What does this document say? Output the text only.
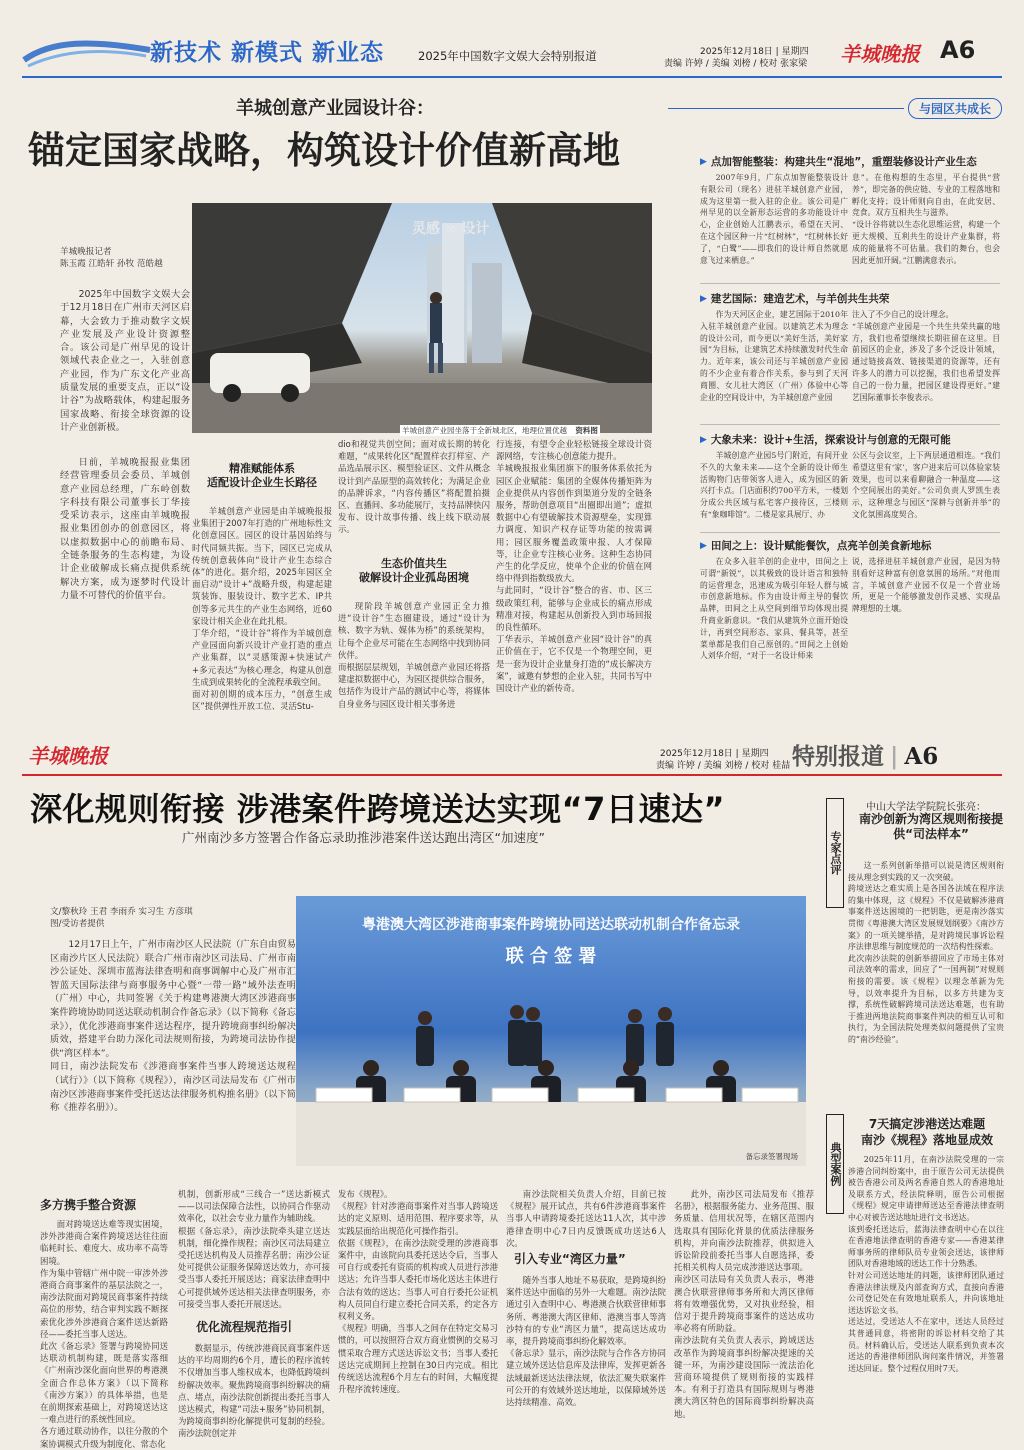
新技术 新模式 新业态	2025年中国数字文娱大会特别报道	2025年12月18日 | 星期四
责编 许婷 / 美编 刘榜 / 校对 张家梁 羊城晚报 A6
羊城创意产业园设计谷：
锚定国家战略，构筑设计价值新高地
羊城晚报记者
陈玉霞 江皓轩 孙牧 范皓越

2025年中国数字文娱大会于12月18日在广州市天河区启幕，大会致力于推动数字文娱产业发展及产业设计资源整合。该公司是广州早见的设计领域代表企业之一，入驻创意产业园，作为广东文化产业高质量发展的重要支点，正以“设计谷”为战略载体，构建起服务国家战略、衔接全球资源的设计产业创新极。

日前，羊城晚报报业集团经营管理委员会委员、羊城创意产业园总经理，广东岭创数字科技有限公司董事长丁华接受采访表示，这座由羊城晚报报业集团创办的创意园区，将以虚拟数据中心的前瞻布局、全链条服务的生态构建，为设计企业破解成长痛点提供系统解决方案，成为逐梦时代设计力量不可替代的价值平台。

灵感 ∞ 设计
羊城创意产业园坐落于全新城北区，地理位置优越 资料图
精准赋能体系
适配设计企业生长路径

羊城创意产业园是由羊城晚报报业集团于2007年打造的广州地标性文化创意园区。园区的设计基因始终与时代同频共振。当下，园区已完成从传统创意载体向“设计产业生态综合体”的进化。据介绍，2025年园区全面启动“设计+”战略升级，构建起建筑装饰、服装设计、数字艺术、IP共创等多元共生的产业生态网络，近60家设计相关企业在此扎根。
丁华介绍，“设计谷”将作为羊城创意产业园面向新兴设计产业打造的重点产业集群，以“灵感策源+快速试产+多元表达”为核心理念，构建从创意生成到成果转化的全流程承载空间。
面对初创期的成本压力，“创意生成区”提供弹性开放工位、灵活Stu-

dio和视觉共创空间；面对成长期的转化难题，“成果转化区”配置样衣打样室、产品选品展示区、模型验证区、文件从概念设计到产品原型的高效转化；为满足企业的品牌诉求，“内容传播区”将配置拍摄区、直播间、多功能展厅，支持品牌快闪发布、设计故事传播、线上线下联动展示。

生态价值共生
破解设计企业孤岛困境

现阶段羊城创意产业园正全力推进“设计谷”生态圈建设，通过“设计为核、数字为轨、媒体为桥”的系统架构，让每个企业尽可能在生态网络中找到协同伙伴。
而根据层层规划，羊城创意产业园还将搭建虚拟数据中心，为园区提供综合服务，包括作为设计产品的测试中心等，将媒体自身业务与园区设计相关事务进

行连接，有望令企业轻松链接全球设计资源网络，专注核心创意能力提升。
羊城晚报报业集团旗下的服务体系依托为园区企业赋能：集团的全媒体传播矩阵为企业提供从内容创作到渠道分发的全链条服务，帮助创意项目“出圈即出道”；虚拟数据中心有望破解技术资源壁垒，实现算力调度、知识产权存证等功能的按需调用；园区服务覆盖政策申报、人才保障等，让企业专注核心业务。这种生态协同产生的化学反应，使单个企业的价值在网络中得到指数级放大。
与此同时，“设计谷”整合的省、市、区三级政策红利，能够与企业成长的痛点形成精准对接，构建起从创新投入到市场回报的良性循环。
丁华表示，羊城创意产业园“设计谷”的真正价值在于，它不仅是一个物理空间，更是一套为设计企业量身打造的“成长解决方案”，诚邀有梦想的企业入驻，共同书写中国设计产业的新传奇。

与园区共成长
▶ 点加智能整装：构建共生“混地”，重塑装修设计产业生态

2007年9月，广东点加智能整装设计有限公司（现名）进驻羊城创意产业园，成为这里第一批入驻的企业。该公司是广州早见的以全新形态运营的多功能设计中心，企业创始人江鹏表示，希望在天河、在这个园区种一片“红树林”，“红树林长好了，“白鹭”——即我们的设计师自然就愿意飞过来栖息。”

息”。在他构想的生态里，平台提供“营养”，即完备的供应链、专业的工程落地和孵化支持；设计师则向自由，在此安居、竞食。双方互相共生与滋养。
“设计谷将就以生态化思维运营，构建一个更大规模、互利共生的设计产业集群，将成的能量将不可估量。我们的舞台，也会因此更加开阔。”江鹏满意表示。

▶ 建艺国际：建造艺术，与羊创共生共荣

作为天河区企业，建艺国际于2010年入驻羊城创意产业园。以建筑艺术为理念的设计公司，而今更以“美好生活，美好家园”为目标，让建筑艺术持续激发时代生命力。近年来，该公司还与羊城创意产业园的不少企业有着合作关系，参与到了天河商圈、女儿社大湾区（广州）体验中心等企业的空间设计中，为羊城创意产业园

注入了不少自己的设计理念。
“羊城创意产业园是一个共生共荣共赢的地方，我们也希望继续长期驻留在这里。目前园区的企业，涉及了多个泛设计领域，通过链接高效、链接渠道的资源等，还有许多人的潜力可以挖掘，我们也希望发挥自己的一份力量，把园区建设得更好。”建艺国际董事长李俊表示。

▶ 大象未来：设计+生活，探索设计与创意的无限可能

羊城创意产业园5号门附近，有间开业不久的大象未来——这个全新的设计师生活购物门店带领客人进入，成为园区的新兴打卡点。门店面积约700平方米，一楼划分成公共区域与私宅客户接待区，三楼则有“象咖啡馆”。二楼是家具展厅、办

公区与会议室，上下两层通道相连。“我们希望这里有‘家’，客户进来后可以体验家装效果，也可以来看聊融合一种温度——这个空间展出的美好。”公司负责人罗凯生表示，这种理念与园区“深耕与创新并举”的文化氛围高度契合。

▶ 田间之上：设计赋能餐饮，点亮羊创美食新地标

在众多入驻羊创的企业中，田间之上可谓“新锐”，以其极致的设计语言和独特的运营理念，迅速成为吸引年轻人群与城市创意新地标。作为由设计师主导的餐饮品牌，田间之上从空间到细节均体现出提升商业新意识。“我们从建筑外立面开始设计，再到空间形态、家具、餐具等，甚至菜单都是我们自己原创的。”田间之上创始人刘华介绍，“对于一名设计师来

说，选择进驻羊城创意产业园，是因为特别看好这种富有创意氛围的场所。”对他而言，羊城创意产业园不仅是一个营业场所，更是一个能够激发创作灵感、实现品牌理想的土壤。

羊城晚报	2025年12月18日 | 星期四
责编 许婷 / 美编 刘榜 / 校对 桂喆 特别报道 | A6
深化规则衔接 涉港案件跨境送达实现“7日速达”
广州南沙多方签署合作备忘录助推涉港案件送达跑出湾区“加速度”
文/黎秋玲 王君 李雨乔 实习生 方彦琪
图/受访者提供

12月17日上午，广州市南沙区人民法院（广东自由贸易区南沙片区人民法院）联合广州市南沙区司法局、广州市南沙公证处、深圳市蓝海法律查明和商事调解中心及广州市汇智蓝天国际法律与商事服务中心暨“一带一路”域外法查明（广州）中心，共同签署《关于构建粤港澳大湾区涉港商事案件跨境协助同送达联动机制合作备忘录》（以下简称《备忘录》），优化涉港商事案件送达程序，提升跨境商事纠纷解决质效，搭建平台助力深化司法规则衔接，为跨境司法协作提供“湾区样本”。
同日，南沙法院发布《涉港商事案件当事人跨境送达规程（试行）》（以下简称《规程》），南沙区司法局发布《广州市南沙区涉港商事案件受托送达法律服务机构推名册》（以下简称《推荐名册》）。

粤港澳大湾区涉港商事案件跨境协同送达联动机制合作备忘录
联 合 签 署
备忘录签署现场
多方携手整合资源

面对跨境送达难等现实困境，涉外涉港商合案件跨境送达往往面临耗时长、难度大、成功率不高等困境。
作为集中管辖广州中院一审涉外涉港商合商事案件的基层法院之一，南沙法院面对跨境民商事案件持续高位的形势，结合审判实践不断探索优化涉外涉港商合案件送达新路径——委托当事人送达。
此次《备忘录》签署与跨境协同送达联动机制构建，既是落实落细《广州南沙深化面向世界的粤港澳全面合作总体方案》（以下简称《南沙方案》）的具体举措，也是在前期探索基础上，对跨境送达这一难点进行的系统性回应。
各方通过联动协作，以往分散的个案协调模式升级为制度化、常态化

机制，创新形成“三线合一”送达新模式——以司法保障合法性，以协同合作驱动效率化，以社会专业力量作为辅助线。
根据《备忘录》，南沙法院牵头建立送达机制，细化操作规程；南沙区司法局建立受托送达机构及人员推荐名册；南沙公证处可提供公证服务保障送达效力，亦可接受当事人委托开展送达；商家法律查明中心可提供域外送达相关法律查明服务，亦可接受当事人委托开展送达。

优化流程规范指引

数据显示，传统涉港商民商事案件送达的平均周期约6个月，遭长的程序流转不仅增加当事人维权成本，也降低跨境纠纷解决效率。聚焦跨境商事纠纷解决的痛点、堵点，南沙法院创新提出委托当事人送达模式，构建“司法+服务”协同机制，为跨境商事纠纷化解提供可复制的经验。南沙法院创定并

发布《规程》。
《规程》针对涉港商事案件对当事人跨境送达的定义原则、适用范围、程序要求等，从实践层面给出规范化可操作指引。
依据《规程》，在南沙法院受理的涉港商事案件中，由该院向具委托送达令后，当事人可自行或委托有资质的机构或人员进行涉港送达；允许当事人委托市场化送达主体进行合法有效的送达；当事人可自行委托公证机构人员同自行建立委托合同关系，约定各方权利义务。
《规程》明确，当事人之间存在特定交易习惯的，可以按照符合双方商业惯例的交易习惯采取合理方式送达诉讼文书；当事人委托送达完成期间上控制在30日内完成。相比传统送达流程6个月左右的时间，大幅度提升程序流转速度。

南沙法院相关负责人介绍，目前已按《规程》展开试点，共有6件涉港商事案件当事人申请跨境委托送达11人次，其中涉港律查明中心7日内反馈既成功送达6人次。

引入专业“湾区力量”

随外当事人地址不易获取，是跨境纠纷案件送达中面临的另外一大难题。南沙法院通过引入查明中心、粤港澳合伙联营律师事务所、粤港澳大湾区律师、港澳当事人等湾沙特有的专业“湾区力量”，提高送达成功率，提升跨境商事纠纷化解效率。
《备忘录》显示，南沙法院与合作各方协同建立域外送达信息库及法律库，发挥更新各法域最新送达法律法规，依法汇聚失联案件可公开的有效域外送达地址，以保障域外送达持续精准、高效。

此外，南沙区司法局发布《推荐名册》，根据服务能力、业务范围、服务质量、信用状况等，在辖区范围内选取具有国际化背景的优质法律服务机构，并向南沙法院推荐，供拟进入诉讼阶段前委托当事人自愿选择，委托相关机构人员完成涉港送达事项。
南沙区司法局有关负责人表示，粤港澳合伙联营律师事务所和大湾区律师将有效增强优势，又对执业经验，相信对于提升跨境商事案件的送达成功率必将有所助益。
南沙法院有关负责人表示，跨域送达改革作为跨境商事纠纷解决提速的关键一环，为南沙建设国际一流法治化营商环境提供了规则衔接的实践样本。有利于打造具有国际规则与粤港澳大湾区特色的国际商事纠纷解决高地。

专家点评
中山大学法学院院长张亮：
南沙创新为湾区规则衔接提供“司法样本”

这一系列创新举措可以说是湾区规则衔接从理念到实践的又一次突破。
跨境送达之难实质上是各国各法域在程序法的集中体现，这《规程》不仅是破解涉港商事案件送达困境的一把钥匙，更是南沙落实贯彻《粤港澳大湾区发展规划纲要》《南沙方案》的一项关键举措，是对跨境民事诉讼程序法律思维与制度规范的一次结构性探索。
此次南沙法院的创新举措回应了市场主体对司法效率的需求，回应了“一国两制”对规则衔接的需要。该《规程》以理念革新为先导，以效率提升为目标，以多方共建为支撑，系统性破解跨境司法送达难题，也有助于推进两地法院商事案件判决的相互认可和执行，为全国法院处理类似问题提供了宝贵的“南沙经验”。

典型案例
7天搞定涉港送达难题
南沙《规程》落地显成效

2025年11月，在南沙法院受理的一宗涉港合同纠纷案中，由于原告公司无法提供被告香港公司及两名香港自然人的香港地址及联系方式，经法院释明，原告公司根据《规程》规定申请律师送达至香港法律查明中心对被告送达地址进行文书送达。
该到委托送达后，蓝海法律查明中心在以往在香港地法律查明的香港专家——香港某律师事务所的律师队员专业领会送达，该律师团队对香港地域的送达工作十分熟悉。
针对公司送达地址的问题，该律师团队通过香港法律法规及内部查询方式，直接向香港公司登记处在有效地址联系人，并向该地址送达诉讼文书。
送达过，受送达人不在家中，送达人员经过其普通同意，将密附的诉讼材料交给了其员。材料确认后，受送达人联系到负责本次送达的香港律师团队询问案件情况，并签署送达回证。整个过程仅用时7天。
